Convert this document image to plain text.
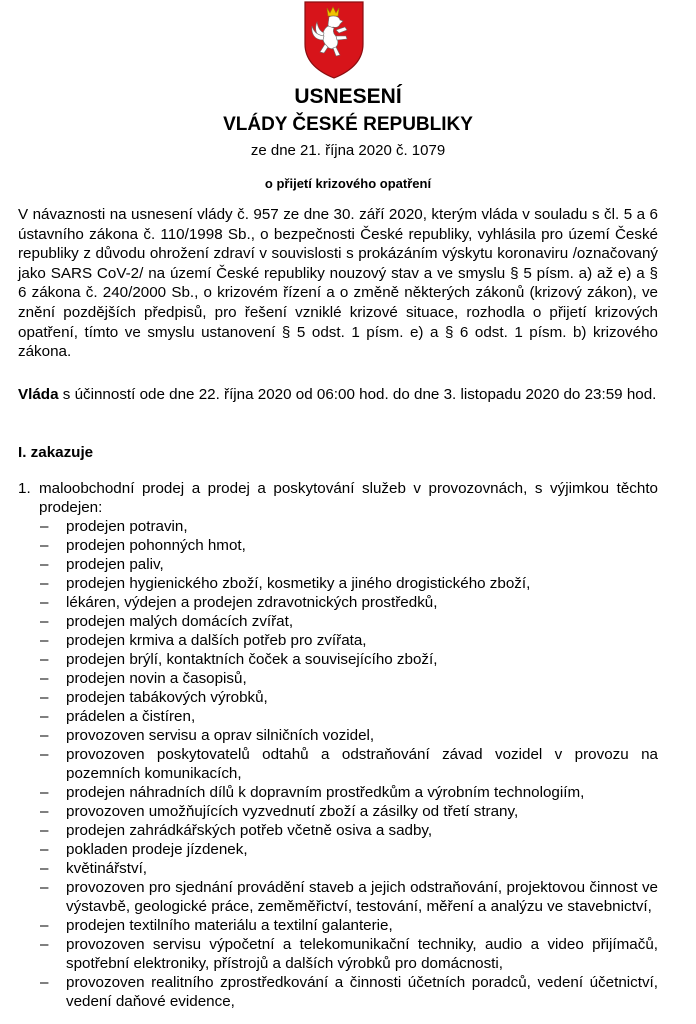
USNESENÍ
VLÁDY ČESKÉ REPUBLIKY
ze dne 21. října 2020 č. 1079
o přijetí krizového opatření

V návaznosti na usnesení vlády č. 957 ze dne 30. září 2020, kterým vláda v souladu s čl. 5 a 6 ústavního zákona č. 110/1998 Sb., o bezpečnosti České republiky, vyhlásila pro území České republiky z důvodu ohrožení zdraví v souvislosti s prokázáním výskytu koronaviru /označovaný jako SARS CoV-2/ na území České republiky nouzový stav a ve smyslu § 5 písm. a) až e) a § 6 zákona č. 240/2000 Sb., o krizovém řízení a o změně některých zákonů (krizový zákon), ve znění pozdějších předpisů, pro řešení vzniklé krizové situace, rozhodla o přijetí krizových opatření, tímto ve smyslu ustanovení § 5 odst. 1 písm. e) a § 6 odst. 1 písm. b) krizového zákona.

Vláda s účinností ode dne 22. října 2020 od 06:00 hod. do dne 3. listopadu 2020 do 23:59 hod.

I. zakazuje
1. maloobchodní prodej a prodej a poskytování služeb v provozovnách, s výjimkou těchto prodejen:
– prodejen potravin,
– prodejen pohonných hmot,
– prodejen paliv,
– prodejen hygienického zboží, kosmetiky a jiného drogistického zboží,
– lékáren, výdejen a prodejen zdravotnických prostředků,
– prodejen malých domácích zvířat,
– prodejen krmiva a dalších potřeb pro zvířata,
– prodejen brýlí, kontaktních čoček a souvisejícího zboží,
– prodejen novin a časopisů,
– prodejen tabákových výrobků,
– prádelen a čistíren,
– provozoven servisu a oprav silničních vozidel,
– provozoven poskytovatelů odtahů a odstraňování závad vozidel v provozu na pozemních komunikacích,
– prodejen náhradních dílů k dopravním prostředkům a výrobním technologiím,
– provozoven umožňujících vyzvednutí zboží a zásilky od třetí strany,
– prodejen zahrádkářských potřeb včetně osiva a sadby,
– pokladen prodeje jízdenek,
– květinářství,
– provozoven pro sjednání provádění staveb a jejich odstraňování, projektovou činnost ve výstavbě, geologické práce, zeměměřictví, testování, měření a analýzu ve stavebnictví,
– prodejen textilního materiálu a textilní galanterie,
– provozoven servisu výpočetní a telekomunikační techniky, audio a video přijímačů, spotřební elektroniky, přístrojů a dalších výrobků pro domácnosti,
– provozoven realitního zprostředkování a činnosti účetních poradců, vedení účetnictví, vedení daňové evidence,
